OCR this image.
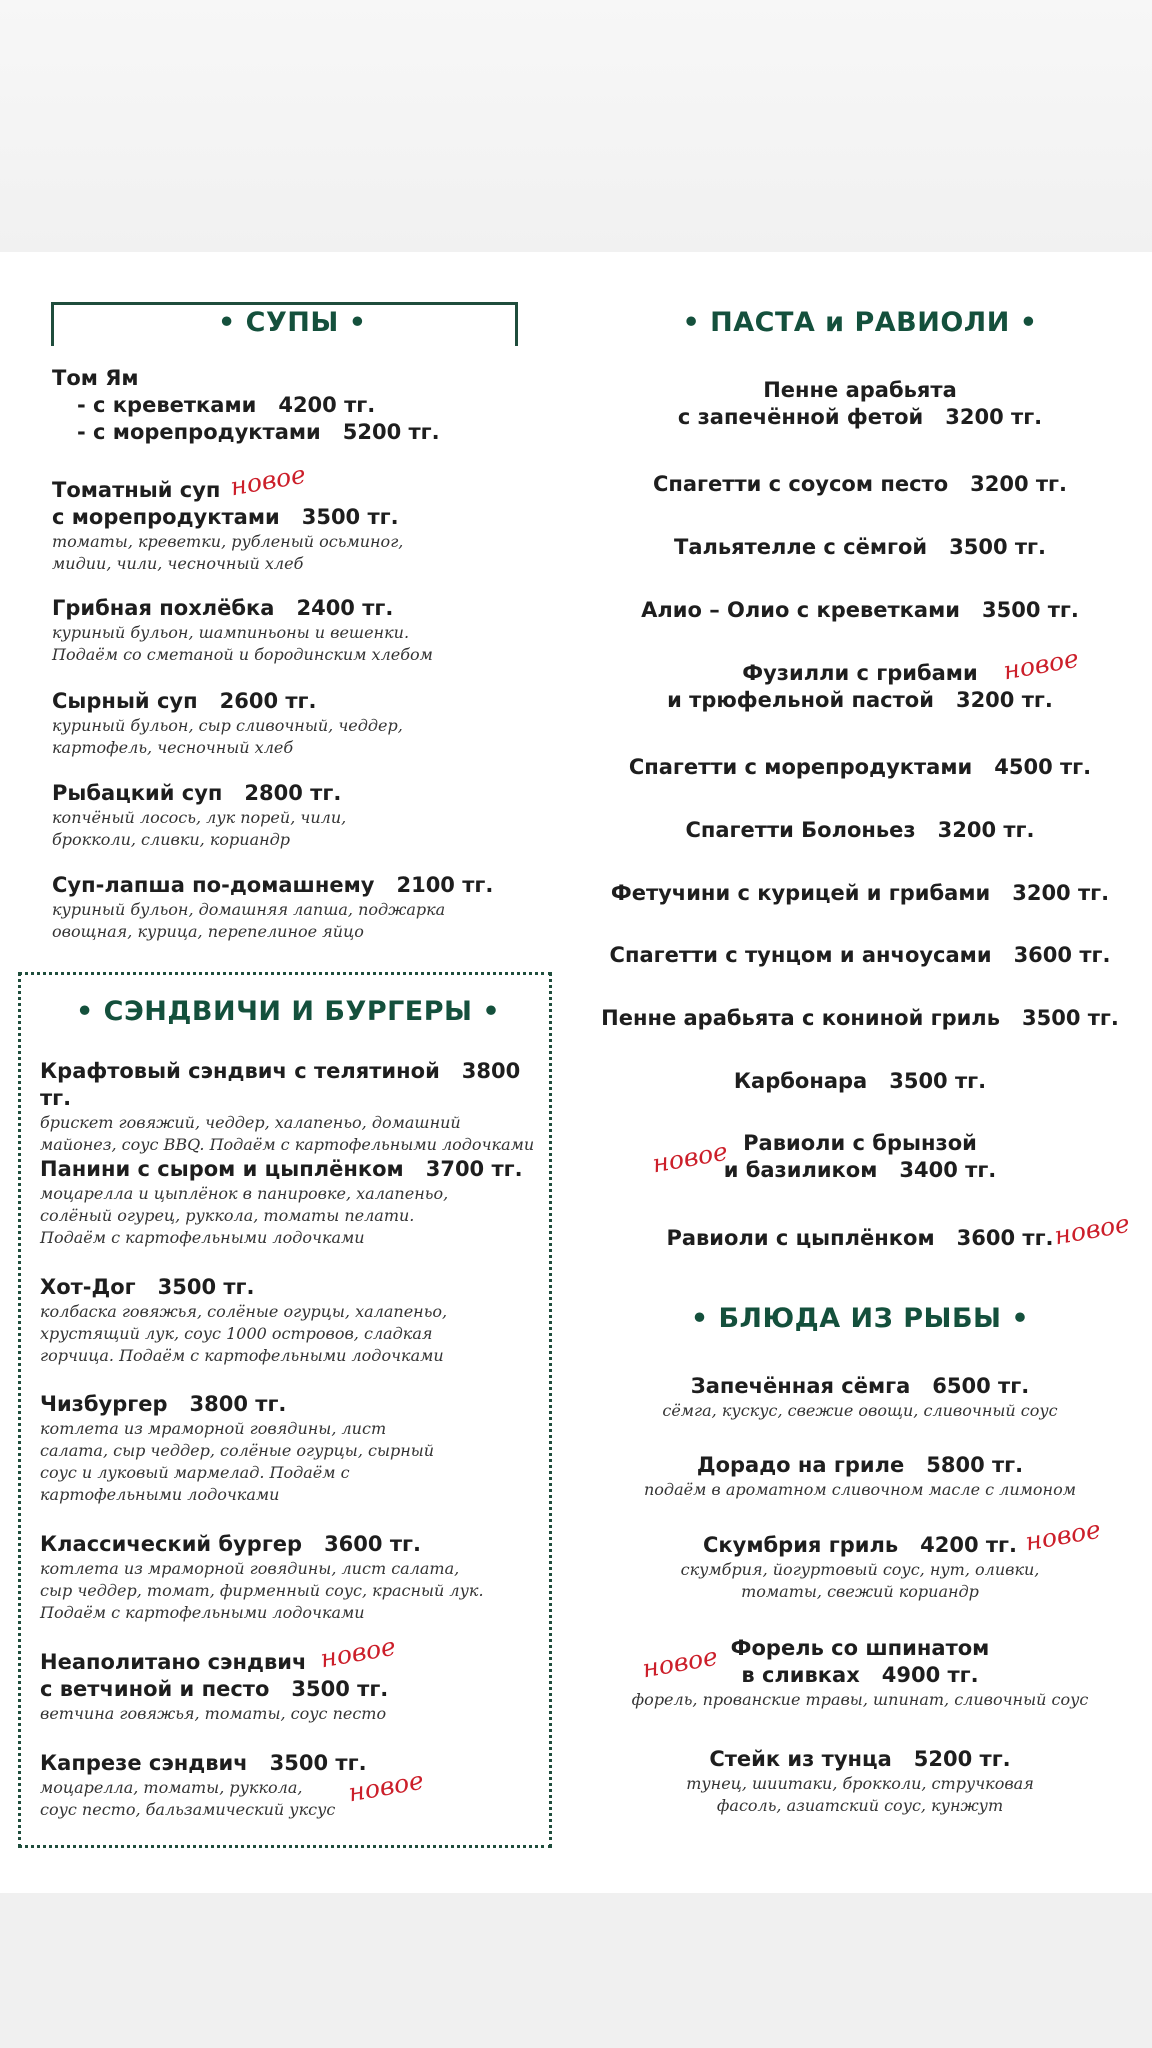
• СУПЫ •
Том Ям
- с креветками 4200 тг.
- с морепродуктами 5200 тг.
Томатный суп
с морепродуктами 3500 тг.
томаты, креветки, рубленый осьминог,
мидии, чили, чесночный хлеб
новое
Грибная похлёбка 2400 тг.
куриный бульон, шампиньоны и вешенки.
Подаём со сметаной и бородинским хлебом
Сырный суп 2600 тг.
куриный бульон, сыр сливочный, чеддер,
картофель, чесночный хлеб
Рыбацкий суп 2800 тг.
копчёный лосось, лук порей, чили,
брокколи, сливки, кориандр
Суп-лапша по-домашнему 2100 тг.
куриный бульон, домашняя лапша, поджарка
овощная, курица, перепелиное яйцо
• СЭНДВИЧИ И БУРГЕРЫ •
Крафтовый сэндвич с телятиной 3800 тг.
брискет говяжий, чеддер, халапеньо, домашний
майонез, соус BBQ. Подаём с картофельными лодочками
Панини с сыром и цыплёнком 3700 тг.
моцарелла и цыплёнок в панировке, халапеньо,
солёный огурец, руккола, томаты пелати.
Подаём с картофельными лодочками
Хот-Дог 3500 тг.
колбаска говяжья, солёные огурцы, халапеньо,
хрустящий лук, соус 1000 островов, сладкая
горчица. Подаём с картофельными лодочками
Чизбургер 3800 тг.
котлета из мраморной говядины, лист
салата, сыр чеддер, солёные огурцы, сырный
соус и луковый мармелад. Подаём с
картофельными лодочками
Классический бургер 3600 тг.
котлета из мраморной говядины, лист салата,
сыр чеддер, томат, фирменный соус, красный лук.
Подаём с картофельными лодочками
Неаполитано сэндвич
с ветчиной и песто 3500 тг.
ветчина говяжья, томаты, соус песто
новое
Капрезе сэндвич 3500 тг.
моцарелла, томаты, руккола,
соус песто, бальзамический уксус
новое
• ПАСТА и РАВИОЛИ •
Пенне арабьята
с запечённой фетой 3200 тг.
Спагетти с соусом песто 3200 тг.
Тальятелле с сёмгой 3500 тг.
Алио – Олио с креветками 3500 тг.
Фузилли с грибами
и трюфельной пастой 3200 тг.
новое
Спагетти с морепродуктами 4500 тг.
Спагетти Болоньез 3200 тг.
Фетучини с курицей и грибами 3200 тг.
Спагетти с тунцом и анчоусами 3600 тг.
Пенне арабьята с кониной гриль 3500 тг.
Карбонара 3500 тг.
Равиоли с брынзой
и базиликом 3400 тг.
новое
Равиоли с цыплёнком 3600 тг.
новое
• БЛЮДА ИЗ РЫБЫ •
Запечённая сёмга 6500 тг.
сёмга, кускус, свежие овощи, сливочный соус
Дорадо на гриле 5800 тг.
подаём в ароматном сливочном масле с лимоном
Скумбрия гриль 4200 тг.
скумбрия, йогуртовый соус, нут, оливки,
томаты, свежий кориандр
новое
Форель со шпинатом
в сливках 4900 тг.
форель, прованские травы, шпинат, сливочный соус
новое
Стейк из тунца 5200 тг.
тунец, шиитаки, брокколи, стручковая
фасоль, азиатский соус, кунжут
